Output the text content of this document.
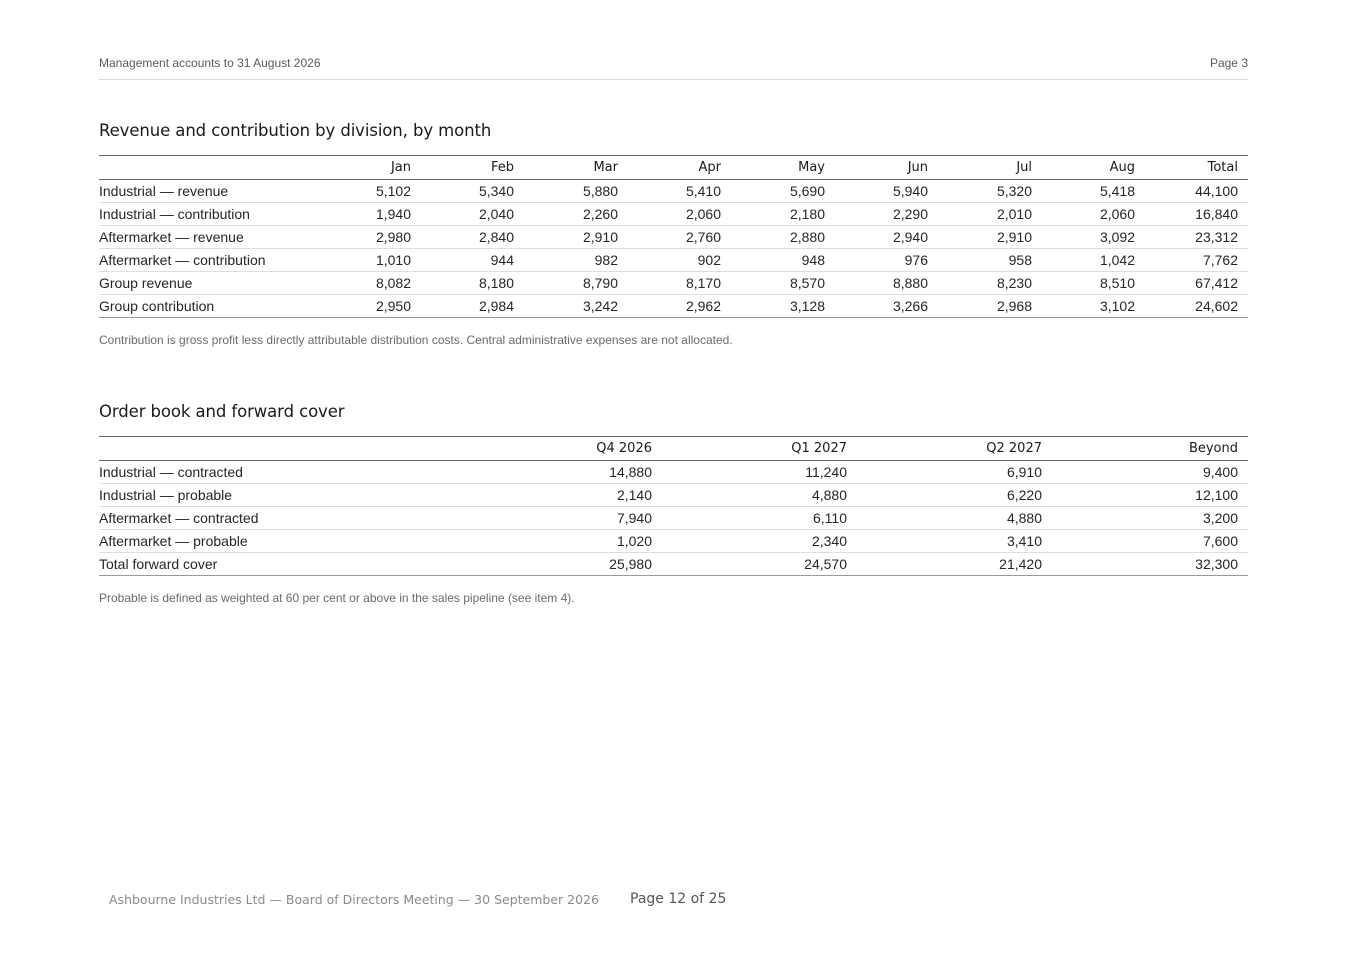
Management accounts to 31 August 2026	Page 3
Revenue and contribution by division, by month
	Jan	Feb	Mar	Apr	May	Jun	Jul	Aug	Total
Industrial — revenue	5,102	5,340	5,880	5,410	5,690	5,940	5,320	5,418	44,100
Industrial — contribution	1,940	2,040	2,260	2,060	2,180	2,290	2,010	2,060	16,840
Aftermarket — revenue	2,980	2,840	2,910	2,760	2,880	2,940	2,910	3,092	23,312
Aftermarket — contribution	1,010	944	982	902	948	976	958	1,042	7,762
Group revenue	8,082	8,180	8,790	8,170	8,570	8,880	8,230	8,510	67,412
Group contribution	2,950	2,984	3,242	2,962	3,128	3,266	2,968	3,102	24,602

Contribution is gross profit less directly attributable distribution costs. Central administrative expenses are not allocated.

Order book and forward cover
	Q4 2026	Q1 2027	Q2 2027	Beyond
Industrial — contracted	14,880	11,240	6,910	9,400
Industrial — probable	2,140	4,880	6,220	12,100
Aftermarket — contracted	7,940	6,110	4,880	3,200
Aftermarket — probable	1,020	2,340	3,410	7,600
Total forward cover	25,980	24,570	21,420	32,300

Probable is defined as weighted at 60 per cent or above in the sales pipeline (see item 4).

Ashbourne Industries Ltd — Board of Directors Meeting — 30 September 2026 Page 12 of 25
